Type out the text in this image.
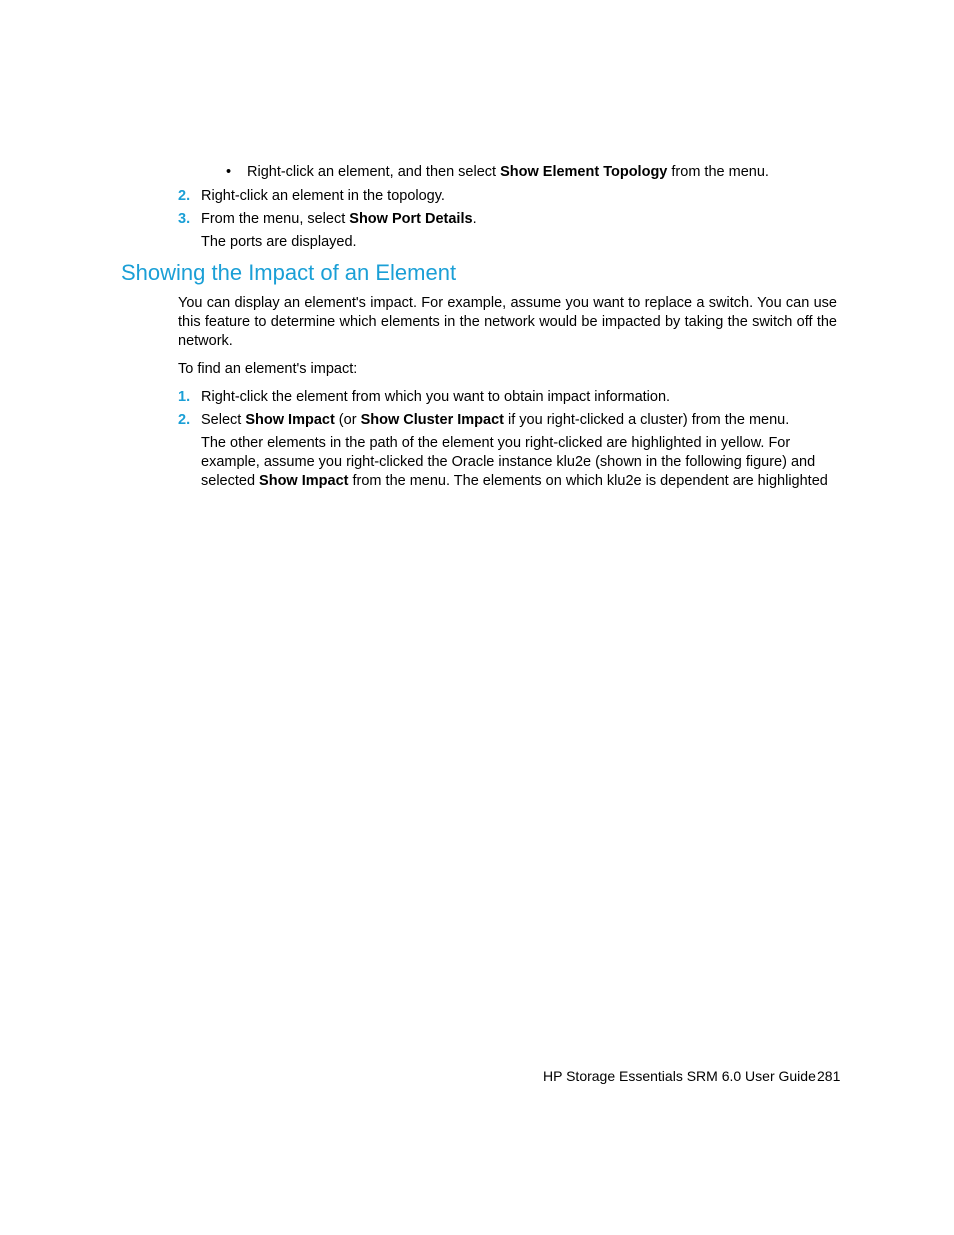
• Right-click an element, and then select Show Element Topology from the menu.
2. Right-click an element in the topology.
3. From the menu, select Show Port Details.
The ports are displayed.
Showing the Impact of an Element
You can display an element's impact. For example, assume you want to replace a switch. You can use this feature to determine which elements in the network would be impacted by taking the switch off the network.
To find an element's impact:
1. Right-click the element from which you want to obtain impact information.
2. Select Show Impact (or Show Cluster Impact if you right-clicked a cluster) from the menu.
The other elements in the path of the element you right-clicked are highlighted in yellow. For
example, assume you right-clicked the Oracle instance klu2e (shown in the following figure) and
selected Show Impact from the menu. The elements on which klu2e is dependent are highlighted
HP Storage Essentials SRM 6.0 User Guide 281
